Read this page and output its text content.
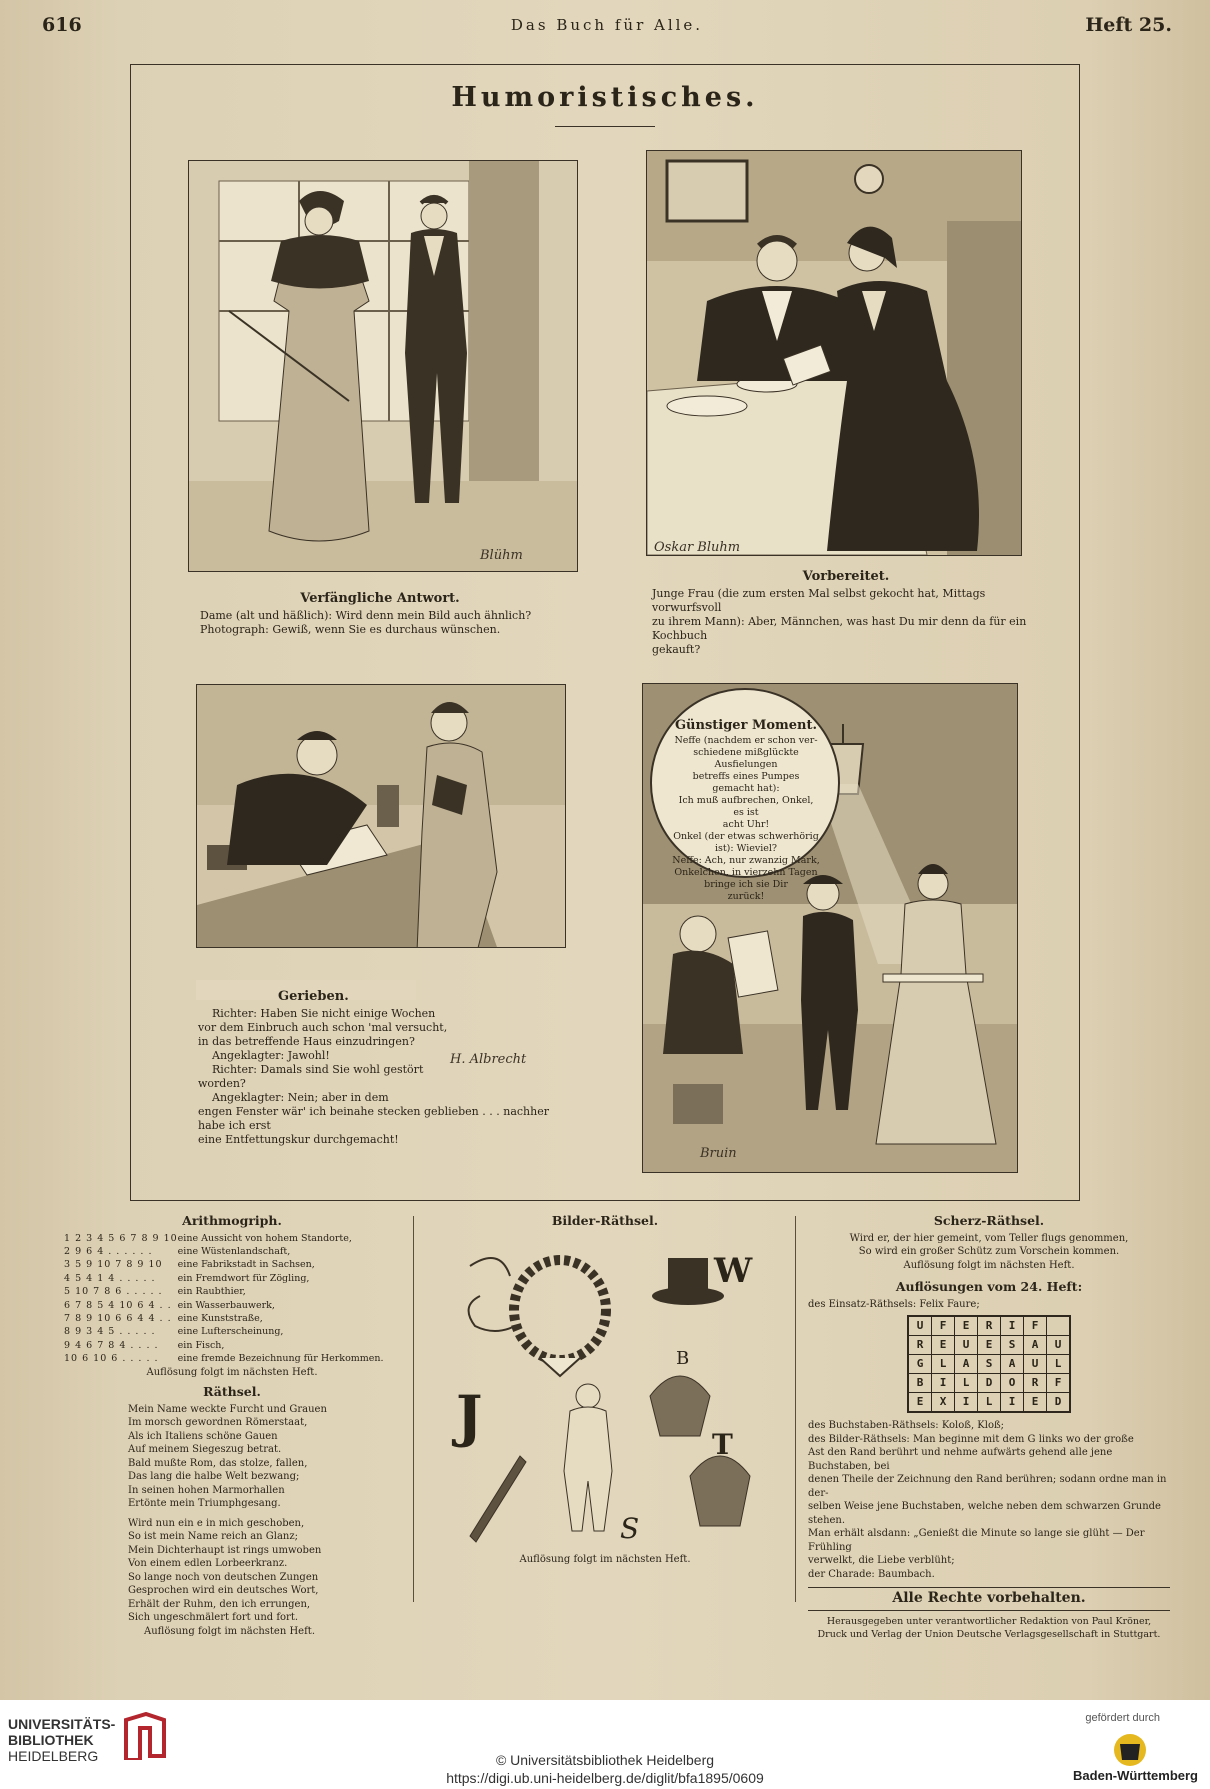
616	Das Buch für Alle.	Heft 25.
Humoristisches.
Blühm
Oskar Bluhm
Verfängliche Antwort.
Dame (alt und häßlich): Wird denn mein Bild auch ähnlich?
Photograph: Gewiß, wenn Sie es durchaus wünschen.
Vorbereitet.
Junge Frau (die zum ersten Mal selbst gekocht hat, Mittags vorwurfsvoll
zu ihrem Mann): Aber, Männchen, was hast Du mir denn da für ein Kochbuch
gekauft?
H. Albrecht
Gerieben.
Richter: Haben Sie nicht einige Wochen
vor dem Einbruch auch schon 'mal versucht,
in das betreffende Haus einzudringen?
Angeklagter: Jawohl!
Richter: Damals sind Sie wohl gestört
worden?
Angeklagter: Nein; aber in dem
engen Fenster wär' ich beinahe stecken geblieben . . . nachher habe ich erst
eine Entfettungskur durchgemacht!
Bruin
Günstiger Moment.
Neffe (nachdem er schon ver-
schiedene mißglückte Ausfielungen
betreffs eines Pumpes gemacht hat):
Ich muß aufbrechen, Onkel, es ist
acht Uhr!
Onkel (der etwas schwerhörig
ist): Wieviel?
Neffe: Ach, nur zwanzig Mark,
Onkelchen, in vierzehn Tagen
bringe ich sie Dir
zurück!
Arithmogriph.
1 2 3 4 5 6 7 8 9 10	eine Aussicht von hohem Standorte,
2 9 6 4 . . . . . .	eine Wüstenlandschaft,
3 5 9 10 7 8 9 10	eine Fabrikstadt in Sachsen,
4 5 4 1 4 . . . . .	ein Fremdwort für Zögling,
5 10 7 8 6 . . . . .	ein Raubthier,
6 7 8 5 4 10 6 4 . .	ein Wasserbauwerk,
7 8 9 10 6 6 4 4 . .	eine Kunststraße,
8 9 3 4 5 . . . . .	eine Lufterscheinung,
9 4 6 7 8 4 . . . .	ein Fisch,
10 6 10 6 . . . . .	eine fremde Bezeichnung für Herkommen.
Auflösung folgt im nächsten Heft.
Räthsel.
Mein Name weckte Furcht und Grauen
Im morsch gewordnen Römerstaat,
Als ich Italiens schöne Gauen
Auf meinem Siegeszug betrat.
Bald mußte Rom, das stolze, fallen,
Das lang die halbe Welt bezwang;
In seinen hohen Marmorhallen
Ertönte mein Triumphgesang.
Wird nun ein e in mich geschoben,
So ist mein Name reich an Glanz;
Mein Dichterhaupt ist rings umwoben
Von einem edlen Lorbeerkranz.
So lange noch von deutschen Zungen
Gesprochen wird ein deutsches Wort,
Erhält der Ruhm, den ich errungen,
Sich ungeschmälert fort und fort.
Auflösung folgt im nächsten Heft.
Bilder-Räthsel.
W
B
T
S
J
Auflösung folgt im nächsten Heft.
Scherz-Räthsel.
Wird er, der hier gemeint, vom Teller flugs genommen,
So wird ein großer Schütz zum Vorschein kommen.
Auflösung folgt im nächsten Heft.
Auflösungen vom 24. Heft:
des Einsatz-Räthsels: Felix Faure;
U	F	E	R	I	F	
R	E	U	E	S	A	U
G	L	A	S	A	U	L
B	I	L	D	O	R	F
E	X	I	L	I	E	D
des Buchstaben-Räthsels: Koloß, Kloß;
des Bilder-Räthsels: Man beginne mit dem G links wo der große
Ast den Rand berührt und nehme aufwärts gehend alle jene Buchstaben, bei
denen Theile der Zeichnung den Rand berühren; sodann ordne man in der-
selben Weise jene Buchstaben, welche neben dem schwarzen Grunde stehen.
Man erhält alsdann: „Genießt die Minute so lange sie glüht — Der Frühling
verwelkt, die Liebe verblüht;
der Charade: Baumbach.
Alle Rechte vorbehalten.
Herausgegeben unter verantwortlicher Redaktion von Paul Kröner,
Druck und Verlag der Union Deutsche Verlagsgesellschaft in Stuttgart.
UNIVERSITÄTS-
BIBLIOTHEK
HEIDELBERG	© Universitätsbibliothek Heidelberg
https://digi.ub.uni-heidelberg.de/diglit/bfa1895/0609
gefördert durch
Baden-Württemberg
